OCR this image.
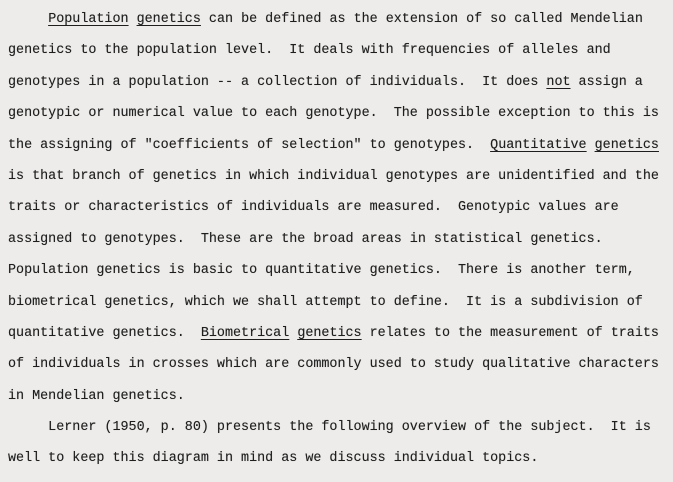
Population genetics can be defined as the extension of so called Mendelian
genetics to the population level.  It deals with frequencies of alleles and
genotypes in a population -- a collection of individuals.  It does not assign a
genotypic or numerical value to each genotype.  The possible exception to this is
the assigning of "coefficients of selection" to genotypes.  Quantitative genetics
is that branch of genetics in which individual genotypes are unidentified and the
traits or characteristics of individuals are measured.  Genotypic values are
assigned to genotypes.  These are the broad areas in statistical genetics.
Population genetics is basic to quantitative genetics.  There is another term,
biometrical genetics, which we shall attempt to define.  It is a subdivision of
quantitative genetics.  Biometrical genetics relates to the measurement of traits
of individuals in crosses which are commonly used to study qualitative characters
in Mendelian genetics.
Lerner (1950, p. 80) presents the following overview of the subject.  It is
well to keep this diagram in mind as we discuss individual topics.
